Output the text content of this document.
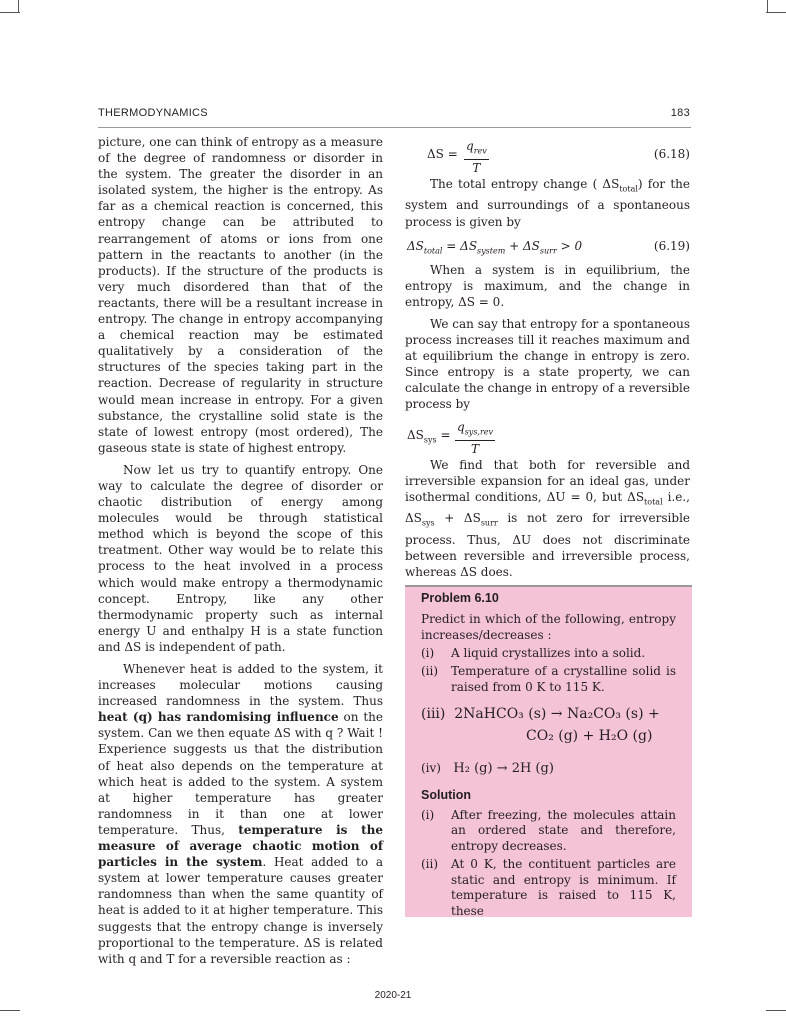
THERMODYNAMICS	183

picture, one can think of entropy as a measure of the degree of randomness or disorder in the system. The greater the disorder in an isolated system, the higher is the entropy. As far as a chemical reaction is concerned, this entropy change can be attributed to rearrangement of atoms or ions from one pattern in the reactants to another (in the products). If the structure of the products is very much disordered than that of the reactants, there will be a resultant increase in entropy. The change in entropy accompanying a chemical reaction may be estimated qualitatively by a consideration of the structures of the species taking part in the reaction. Decrease of regularity in structure would mean increase in entropy. For a given substance, the crystalline solid state is the state of lowest entropy (most ordered), The gaseous state is state of highest entropy.

Now let us try to quantify entropy. One way to calculate the degree of disorder or chaotic distribution of energy among molecules would be through statistical method which is beyond the scope of this treatment. Other way would be to relate this process to the heat involved in a process which would make entropy a thermodynamic concept. Entropy, like any other thermodynamic property such as internal energy U and enthalpy H is a state function and ΔS is independent of path.

Whenever heat is added to the system, it increases molecular motions causing increased randomness in the system. Thus heat (q) has randomising influence on the system. Can we then equate ΔS with q ? Wait ! Experience suggests us that the distribution of heat also depends on the temperature at which heat is added to the system. A system at higher temperature has greater randomness in it than one at lower temperature. Thus, temperature is the measure of average chaotic motion of particles in the system. Heat added to a system at lower temperature causes greater randomness than when the same quantity of heat is added to it at higher temperature. This suggests that the entropy change is inversely proportional to the temperature. ΔS is related with q and T for a reversible reaction as :

ΔS =
$q_{rev}$
T
(6.18)

The total entropy change ( $\Delta S_{total}$) for the system and surroundings of a spontaneous process is given by

$\Delta S_{total} = \Delta S_{system} + \Delta S_{surr} > 0$	(6.19)

When a system is in equilibrium, the entropy is maximum, and the change in entropy, ΔS = 0.

We can say that entropy for a spontaneous process increases till it reaches maximum and at equilibrium the change in entropy is zero. Since entropy is a state property, we can calculate the change in entropy of a reversible process by

$\Delta S_{sys}$ =
$q_{sys,rev}$
T

We find that both for reversible and irreversible expansion for an ideal gas, under isothermal conditions, ΔU = 0, but $\Delta S_{total}$ i.e., $\Delta S_{sys} + \Delta S_{surr}$ is not zero for irreversible process. Thus, ΔU does not discriminate between reversible and irreversible process, whereas ΔS does.

Problem 6.10
Predict in which of the following, entropy increases/decreases :
(i)	A liquid crystallizes into a solid.
(ii)	Temperature of a crystalline solid is raised from 0 K to 115 K.
(iii) 2NaHCO₃ (s) → Na₂CO₃ (s) +
CO₂ (g) + H₂O (g)
(iv) H₂ (g) → 2H (g)
Solution
(i)	After freezing, the molecules attain an ordered state and therefore, entropy decreases.
(ii)	At 0 K, the contituent particles are static and entropy is minimum. If temperature is raised to 115 K, these
2020-21
